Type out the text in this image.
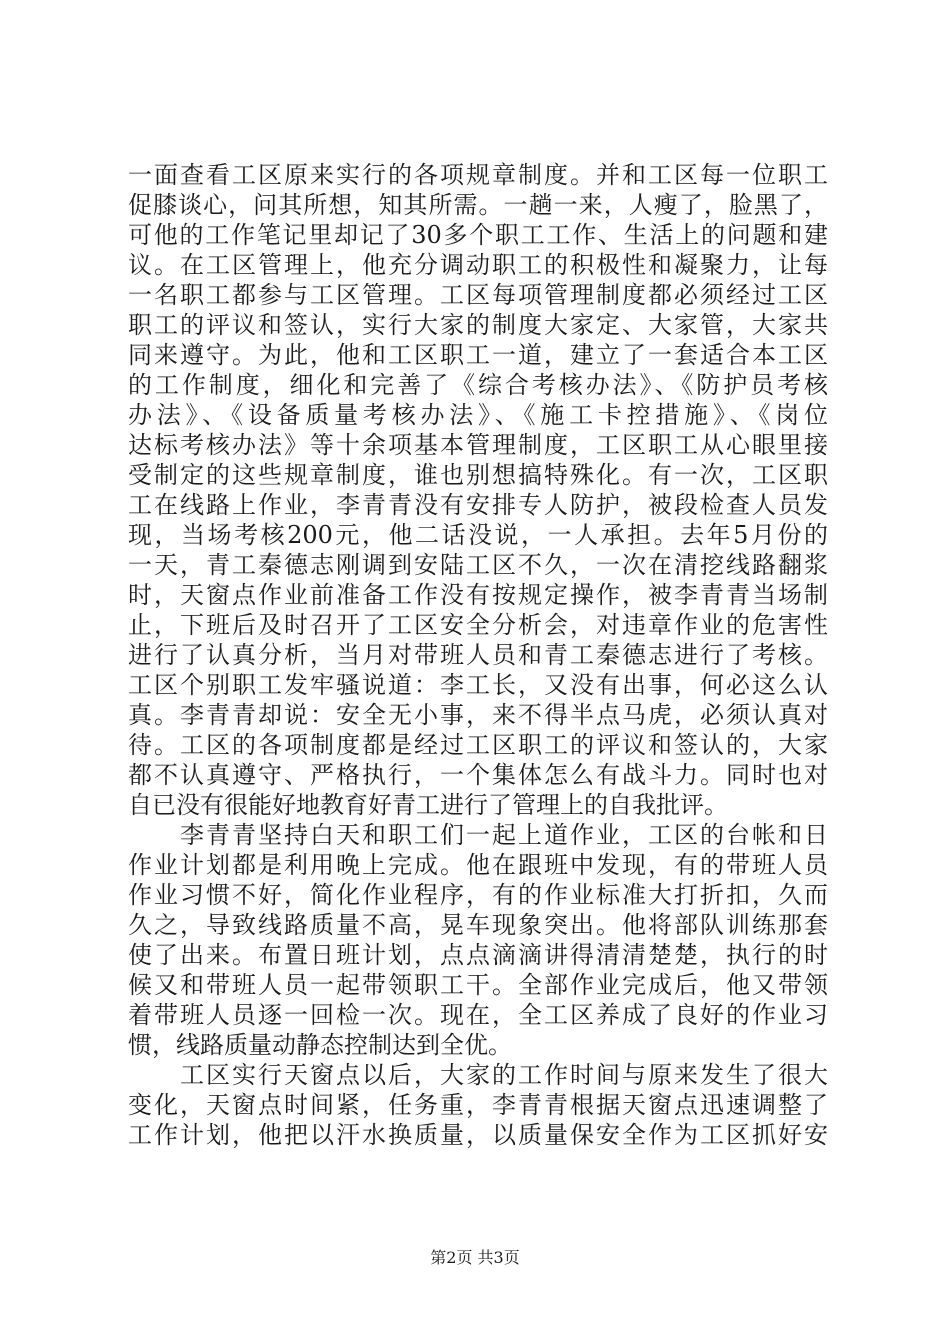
一面查看工区原来实行的各项规章制度。并和工区每一位职工
促膝谈心，问其所想，知其所需。一趟一来，人瘦了，脸黑了，
可他的工作笔记里却记了30多个职工工作、生活上的问题和建
议。在工区管理上，他充分调动职工的积极性和凝聚力，让每
一名职工都参与工区管理。工区每项管理制度都必须经过工区
职工的评议和签认，实行大家的制度大家定、大家管，大家共
同来遵守。为此，他和工区职工一道，建立了一套适合本工区
的工作制度，细化和完善了《综合考核办法》、《防护员考核
办法》、《设备质量考核办法》、《施工卡控措施》、《岗位
达标考核办法》等十余项基本管理制度，工区职工从心眼里接
受制定的这些规章制度，谁也别想搞特殊化。有一次，工区职
工在线路上作业，李青青没有安排专人防护，被段检查人员发
现，当场考核200元，他二话没说，一人承担。去年5月份的
一天，青工秦德志刚调到安陆工区不久，一次在清挖线路翻浆
时，天窗点作业前准备工作没有按规定操作，被李青青当场制
止，下班后及时召开了工区安全分析会，对违章作业的危害性
进行了认真分析，当月对带班人员和青工秦德志进行了考核。
工区个别职工发牢骚说道：李工长，又没有出事，何必这么认
真。李青青却说：安全无小事，来不得半点马虎，必须认真对
待。工区的各项制度都是经过工区职工的评议和签认的，大家
都不认真遵守、严格执行，一个集体怎么有战斗力。同时也对
自已没有很能好地教育好青工进行了管理上的自我批评。
　　李青青坚持白天和职工们一起上道作业，工区的台帐和日
作业计划都是利用晚上完成。他在跟班中发现，有的带班人员
作业习惯不好，简化作业程序，有的作业标准大打折扣，久而
久之，导致线路质量不高，晃车现象突出。他将部队训练那套
使了出来。布置日班计划，点点滴滴讲得清清楚楚，执行的时
候又和带班人员一起带领职工干。全部作业完成后，他又带领
着带班人员逐一回检一次。现在，全工区养成了良好的作业习
惯，线路质量动静态控制达到全优。
　　工区实行天窗点以后，大家的工作时间与原来发生了很大
变化，天窗点时间紧，任务重，李青青根据天窗点迅速调整了
工作计划，他把以汗水换质量，以质量保安全作为工区抓好安
第2页 共3页
